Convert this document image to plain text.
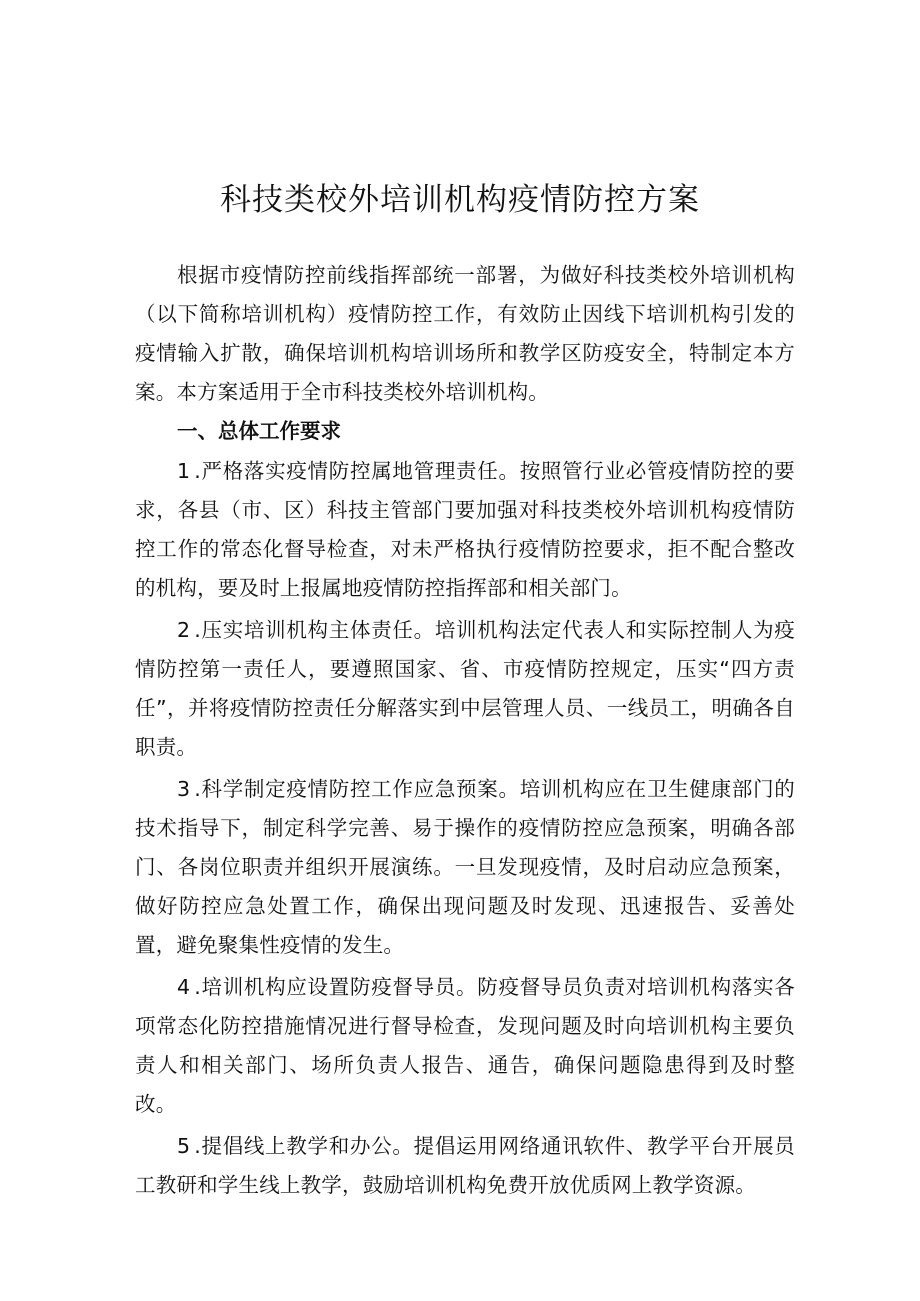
科技类校外培训机构疫情防控方案

根据市疫情防控前线指挥部统一部署，为做好科技类校外培训机构（以下简称培训机构）疫情防控工作，有效防止因线下培训机构引发的疫情输入扩散，确保培训机构培训场所和教学区防疫安全，特制定本方案。本方案适用于全市科技类校外培训机构。

一、总体工作要求

1 .严格落实疫情防控属地管理责任。按照管行业必管疫情防控的要求，各县（市、区）科技主管部门要加强对科技类校外培训机构疫情防控工作的常态化督导检查，对未严格执行疫情防控要求，拒不配合整改的机构，要及时上报属地疫情防控指挥部和相关部门。

2 .压实培训机构主体责任。培训机构法定代表人和实际控制人为疫情防控第一责任人，要遵照国家、省、市疫情防控规定，压实“四方责任”，并将疫情防控责任分解落实到中层管理人员、一线员工，明确各自职责。

3 .科学制定疫情防控工作应急预案。培训机构应在卫生健康部门的技术指导下，制定科学完善、易于操作的疫情防控应急预案，明确各部门、各岗位职责并组织开展演练。一旦发现疫情，及时启动应急预案，做好防控应急处置工作，确保出现问题及时发现、迅速报告、妥善处置，避免聚集性疫情的发生。

4 .培训机构应设置防疫督导员。防疫督导员负责对培训机构落实各项常态化防控措施情况进行督导检查，发现问题及时向培训机构主要负责人和相关部门、场所负责人报告、通告，确保问题隐患得到及时整改。

5 .提倡线上教学和办公。提倡运用网络通讯软件、教学平台开展员工教研和学生线上教学，鼓励培训机构免费开放优质网上教学资源。
